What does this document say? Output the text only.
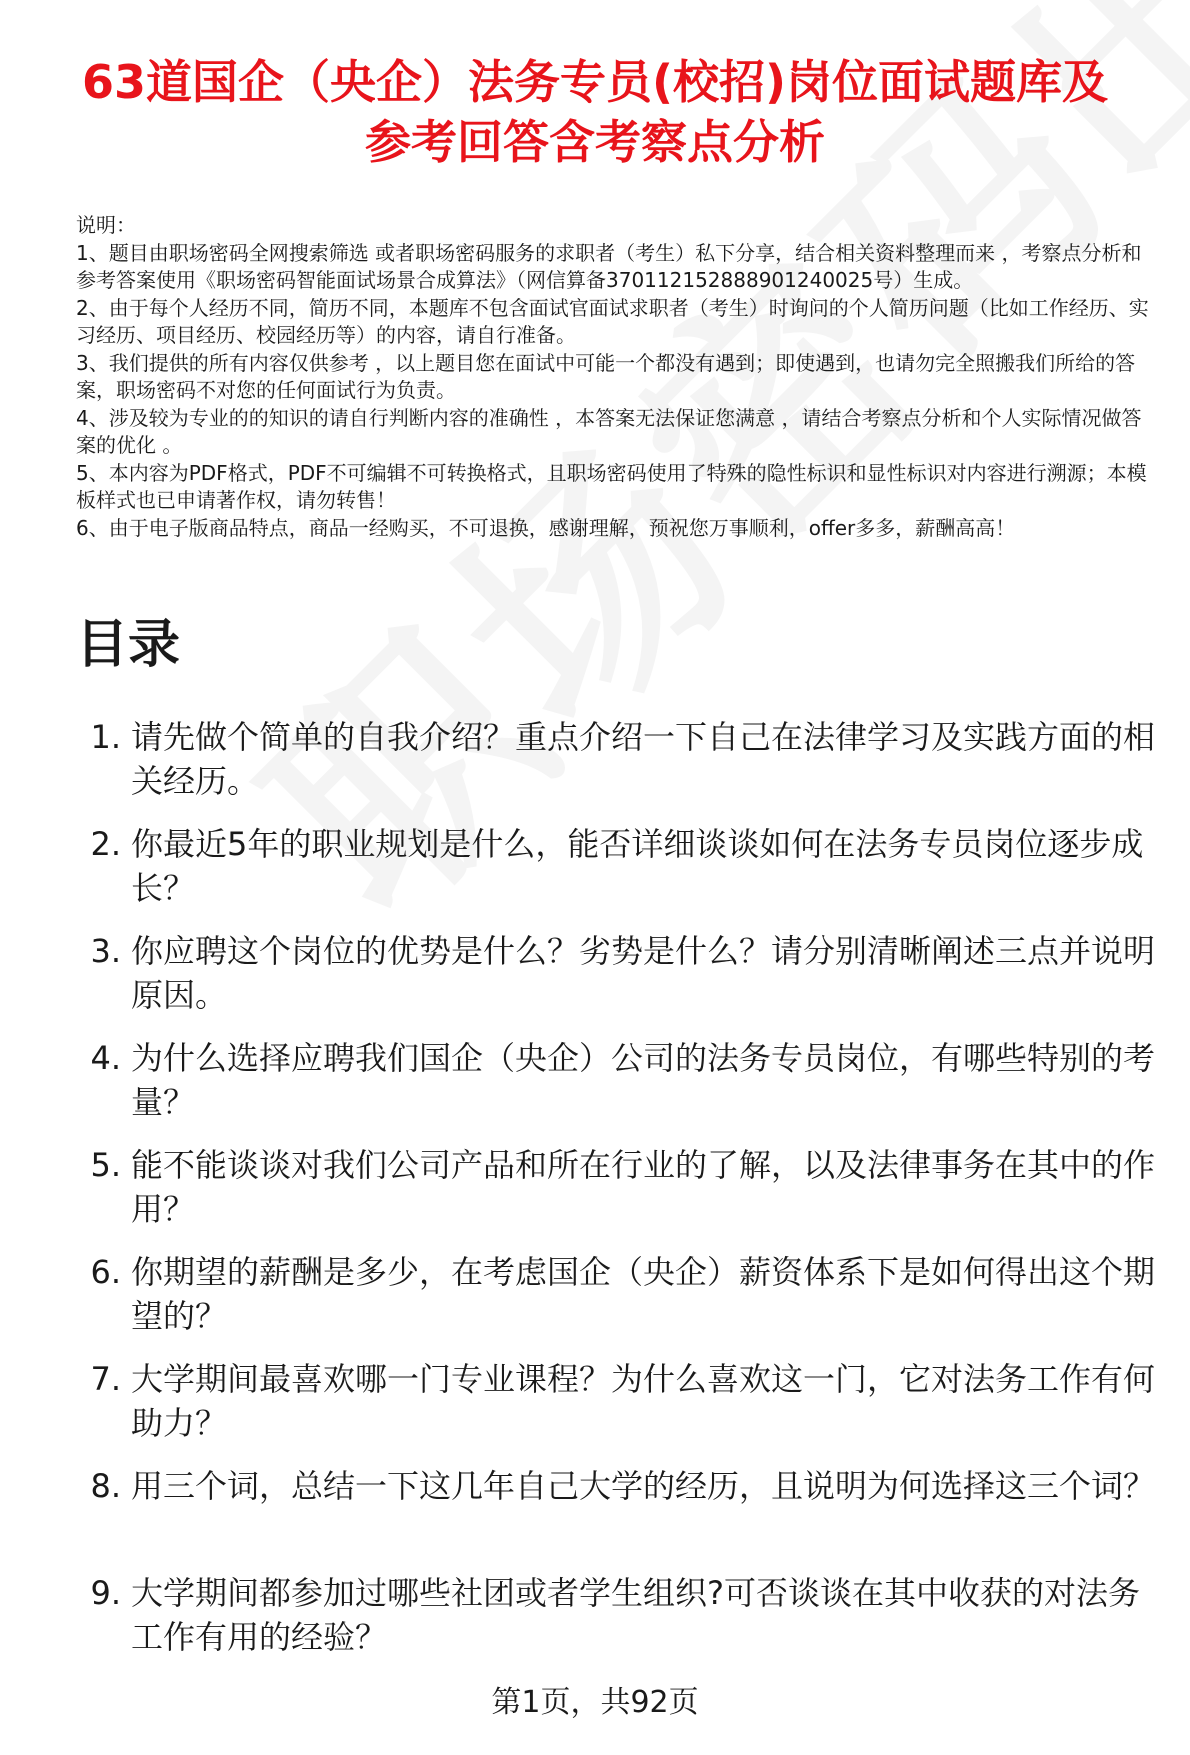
63道国企（央企）法务专员(校招)岗位面试题库及参考回答含考察点分析

说明：

1、题目由职场密码全网搜索筛选 或者职场密码服务的求职者（考生）私下分享，结合相关资料整理而来 ，考察点分析和参考答案使用《职场密码智能面试场景合成算法》（网信算备370112152888901240025号）生成。

2、由于每个人经历不同，简历不同，本题库不包含面试官面试求职者（考生）时询问的个人简历问题（比如工作经历、实习经历、项目经历、校园经历等）的内容，请自行准备。

3、我们提供的所有内容仅供参考 ，以上题目您在面试中可能一个都没有遇到；即使遇到，也请勿完全照搬我们所给的答案，职场密码不对您的任何面试行为负责。

4、涉及较为专业的的知识的请自行判断内容的准确性 ，本答案无法保证您满意 ，请结合考察点分析和个人实际情况做答案的优化 。

5、本内容为PDF格式，PDF不可编辑不可转换格式，且职场密码使用了特殊的隐性标识和显性标识对内容进行溯源；本模板样式也已申请著作权，请勿转售！

6、由于电子版商品特点，商品一经购买，不可退换，感谢理解，预祝您万事顺利，offer多多，薪酬高高！

目录
1. 请先做个简单的自我介绍？重点介绍一下自己在法律学习及实践方面的相关经历。
2. 你最近5年的职业规划是什么，能否详细谈谈如何在法务专员岗位逐步成长？
3. 你应聘这个岗位的优势是什么？劣势是什么？请分别清晰阐述三点并说明原因。
4. 为什么选择应聘我们国企（央企）公司的法务专员岗位，有哪些特别的考量？
5. 能不能谈谈对我们公司产品和所在行业的了解，以及法律事务在其中的作用？
6. 你期望的薪酬是多少，在考虑国企（央企）薪资体系下是如何得出这个期望的？
7. 大学期间最喜欢哪一门专业课程？为什么喜欢这一门，它对法务工作有何助力？
8. 用三个词，总结一下这几年自己大学的经历，且说明为何选择这三个词？
9. 大学期间都参加过哪些社团或者学生组织?可否谈谈在其中收获的对法务工作有用的经验？
第1页，共92页
